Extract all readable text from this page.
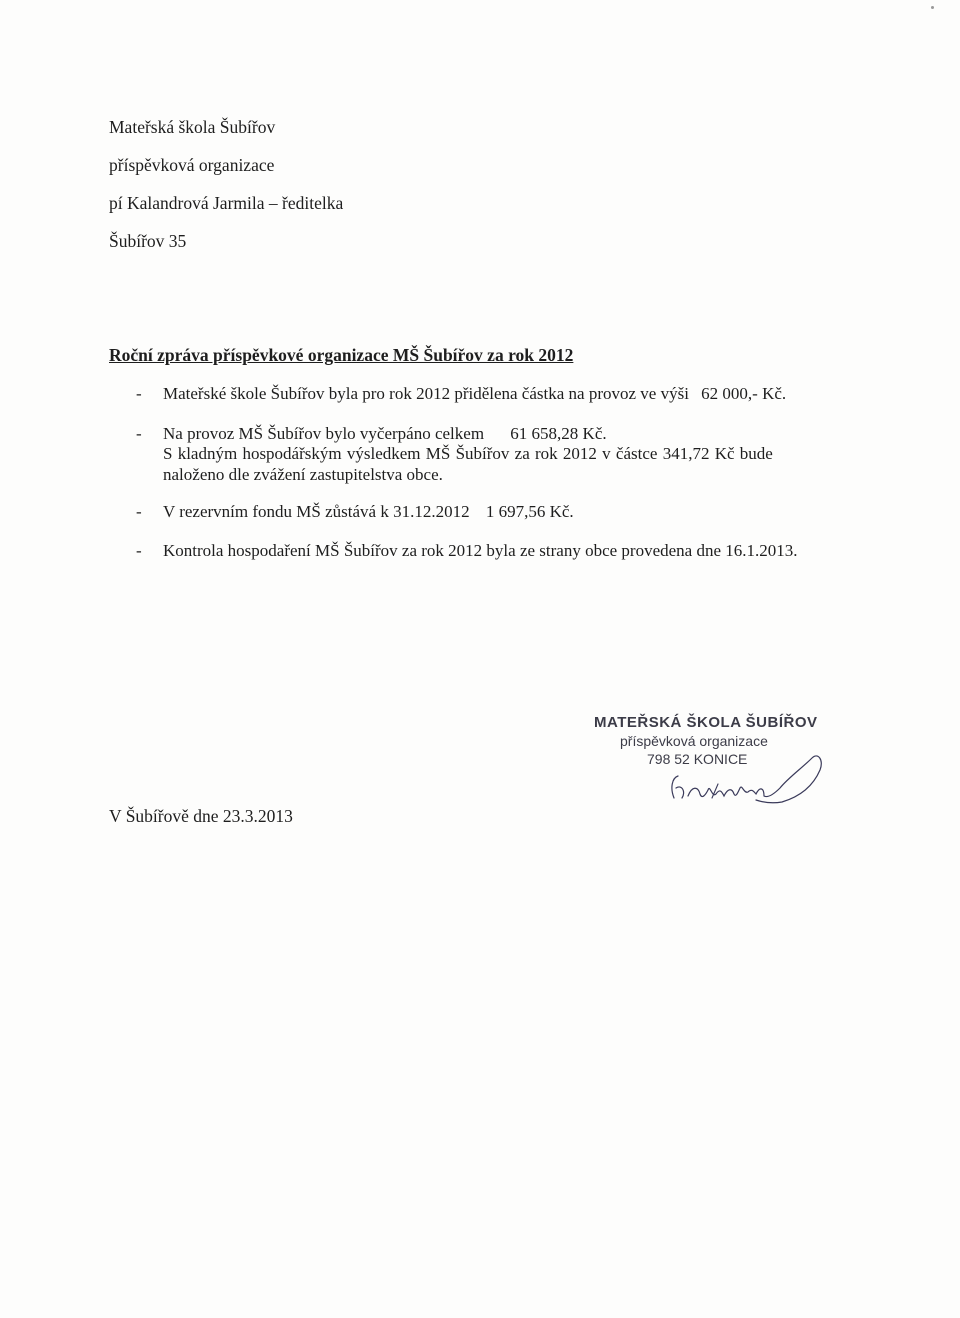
Mateřská škola Šubířov
příspěvková organizace
pí Kalandrová Jarmila – ředitelka
Šubířov 35
Roční zpráva příspěvkové organizace MŠ Šubířov za rok 2012
- Mateřské škole Šubířov byla pro rok 2012 přidělena částka na provoz ve výši 62 000,- Kč.
- Na provoz MŠ Šubířov bylo vyčerpáno celkem 61 658,28 Kč.
S kladným hospodářským výsledkem MŠ Šubířov za rok 2012 v částce 341,72 Kč bude
naloženo dle zvážení zastupitelstva obce.
- V rezervním fondu MŠ zůstává k 31.12.2012 1 697,56 Kč.
- Kontrola hospodaření MŠ Šubířov za rok 2012 byla ze strany obce provedena dne 16.1.2013.
V Šubířově dne 23.3.2013
MATEŘSKÁ ŠKOLA ŠUBÍŘOV
příspěvková organizace
798 52 KONICE
